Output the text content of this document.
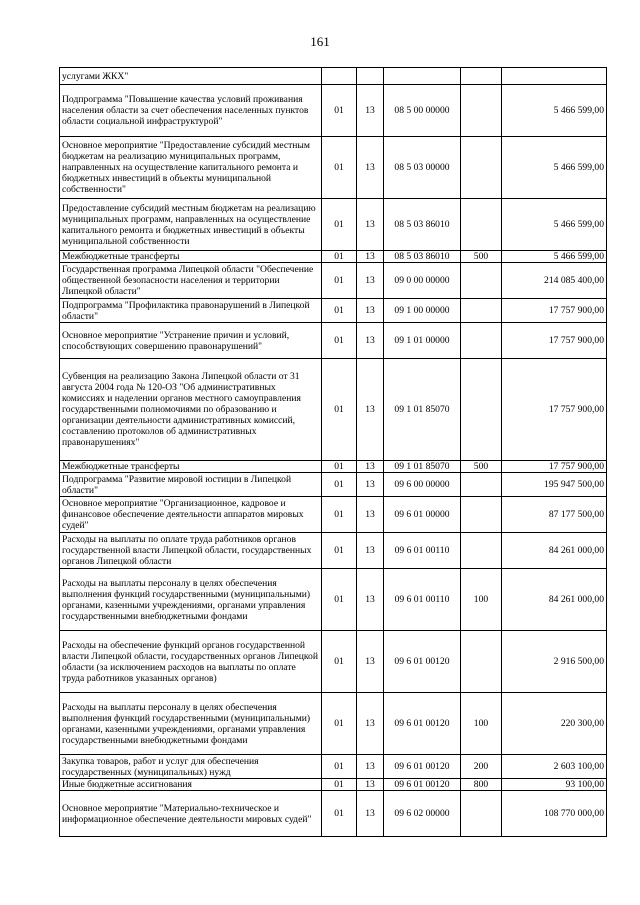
161
услугами ЖКХ"					
Подпрограмма "Повышение качества условий проживания населения области за счет обеспечения населенных пунктов области социальной инфраструктурой"	01	13	08 5 00 00000		5 466 599,00
Основное мероприятие "Предоставление субсидий местным бюджетам на реализацию муниципальных программ, направленных на осуществление капитального ремонта и бюджетных инвестиций в объекты муниципальной собственности"	01	13	08 5 03 00000		5 466 599,00
Предоставление субсидий местным бюджетам на реализацию муниципальных программ, направленных на осуществление капитального ремонта и бюджетных инвестиций в объекты муниципальной собственности	01	13	08 5 03 86010		5 466 599,00
Межбюджетные трансферты	01	13	08 5 03 86010	500	5 466 599,00
Государственная программа Липецкой области "Обеспечение общественной безопасности населения и территории Липецкой области"	01	13	09 0 00 00000		214 085 400,00
Подпрограмма "Профилактика правонарушений в Липецкой области"	01	13	09 1 00 00000		17 757 900,00
Основное мероприятие "Устранение причин и условий, способствующих совершению правонарушений"	01	13	09 1 01 00000		17 757 900,00
Субвенция на реализацию Закона Липецкой области от 31 августа 2004 года № 120-ОЗ "Об административных комиссиях и наделении органов местного самоуправления государственными полномочиями по образованию и организации деятельности административных комиссий, составлению протоколов об административных правонарушениях"	01	13	09 1 01 85070		17 757 900,00
Межбюджетные трансферты	01	13	09 1 01 85070	500	17 757 900,00
Подпрограмма "Развитие мировой юстиции в Липецкой области"	01	13	09 6 00 00000		195 947 500,00
Основное мероприятие "Организационное, кадровое и финансовое обеспечение деятельности аппаратов мировых судей"	01	13	09 6 01 00000		87 177 500,00
Расходы на выплаты по оплате труда работников органов государственной власти Липецкой области, государственных органов Липецкой области	01	13	09 6 01 00110		84 261 000,00
Расходы на выплаты персоналу в целях обеспечения выполнения функций государственными (муниципальными) органами, казенными учреждениями, органами управления государственными внебюджетными фондами	01	13	09 6 01 00110	100	84 261 000,00
Расходы на обеспечение функций органов государственной власти Липецкой области, государственных органов Липецкой области (за исключением расходов на выплаты по оплате труда работников указанных органов)	01	13	09 6 01 00120		2 916 500,00
Расходы на выплаты персоналу в целях обеспечения выполнения функций государственными (муниципальными) органами, казенными учреждениями, органами управления государственными внебюджетными фондами	01	13	09 6 01 00120	100	220 300,00
Закупка товаров, работ и услуг для обеспечения государственных (муниципальных) нужд	01	13	09 6 01 00120	200	2 603 100,00
Иные бюджетные ассигнования	01	13	09 6 01 00120	800	93 100,00
Основное мероприятие "Материально-техническое и информационное обеспечение деятельности мировых судей"	01	13	09 6 02 00000		108 770 000,00
